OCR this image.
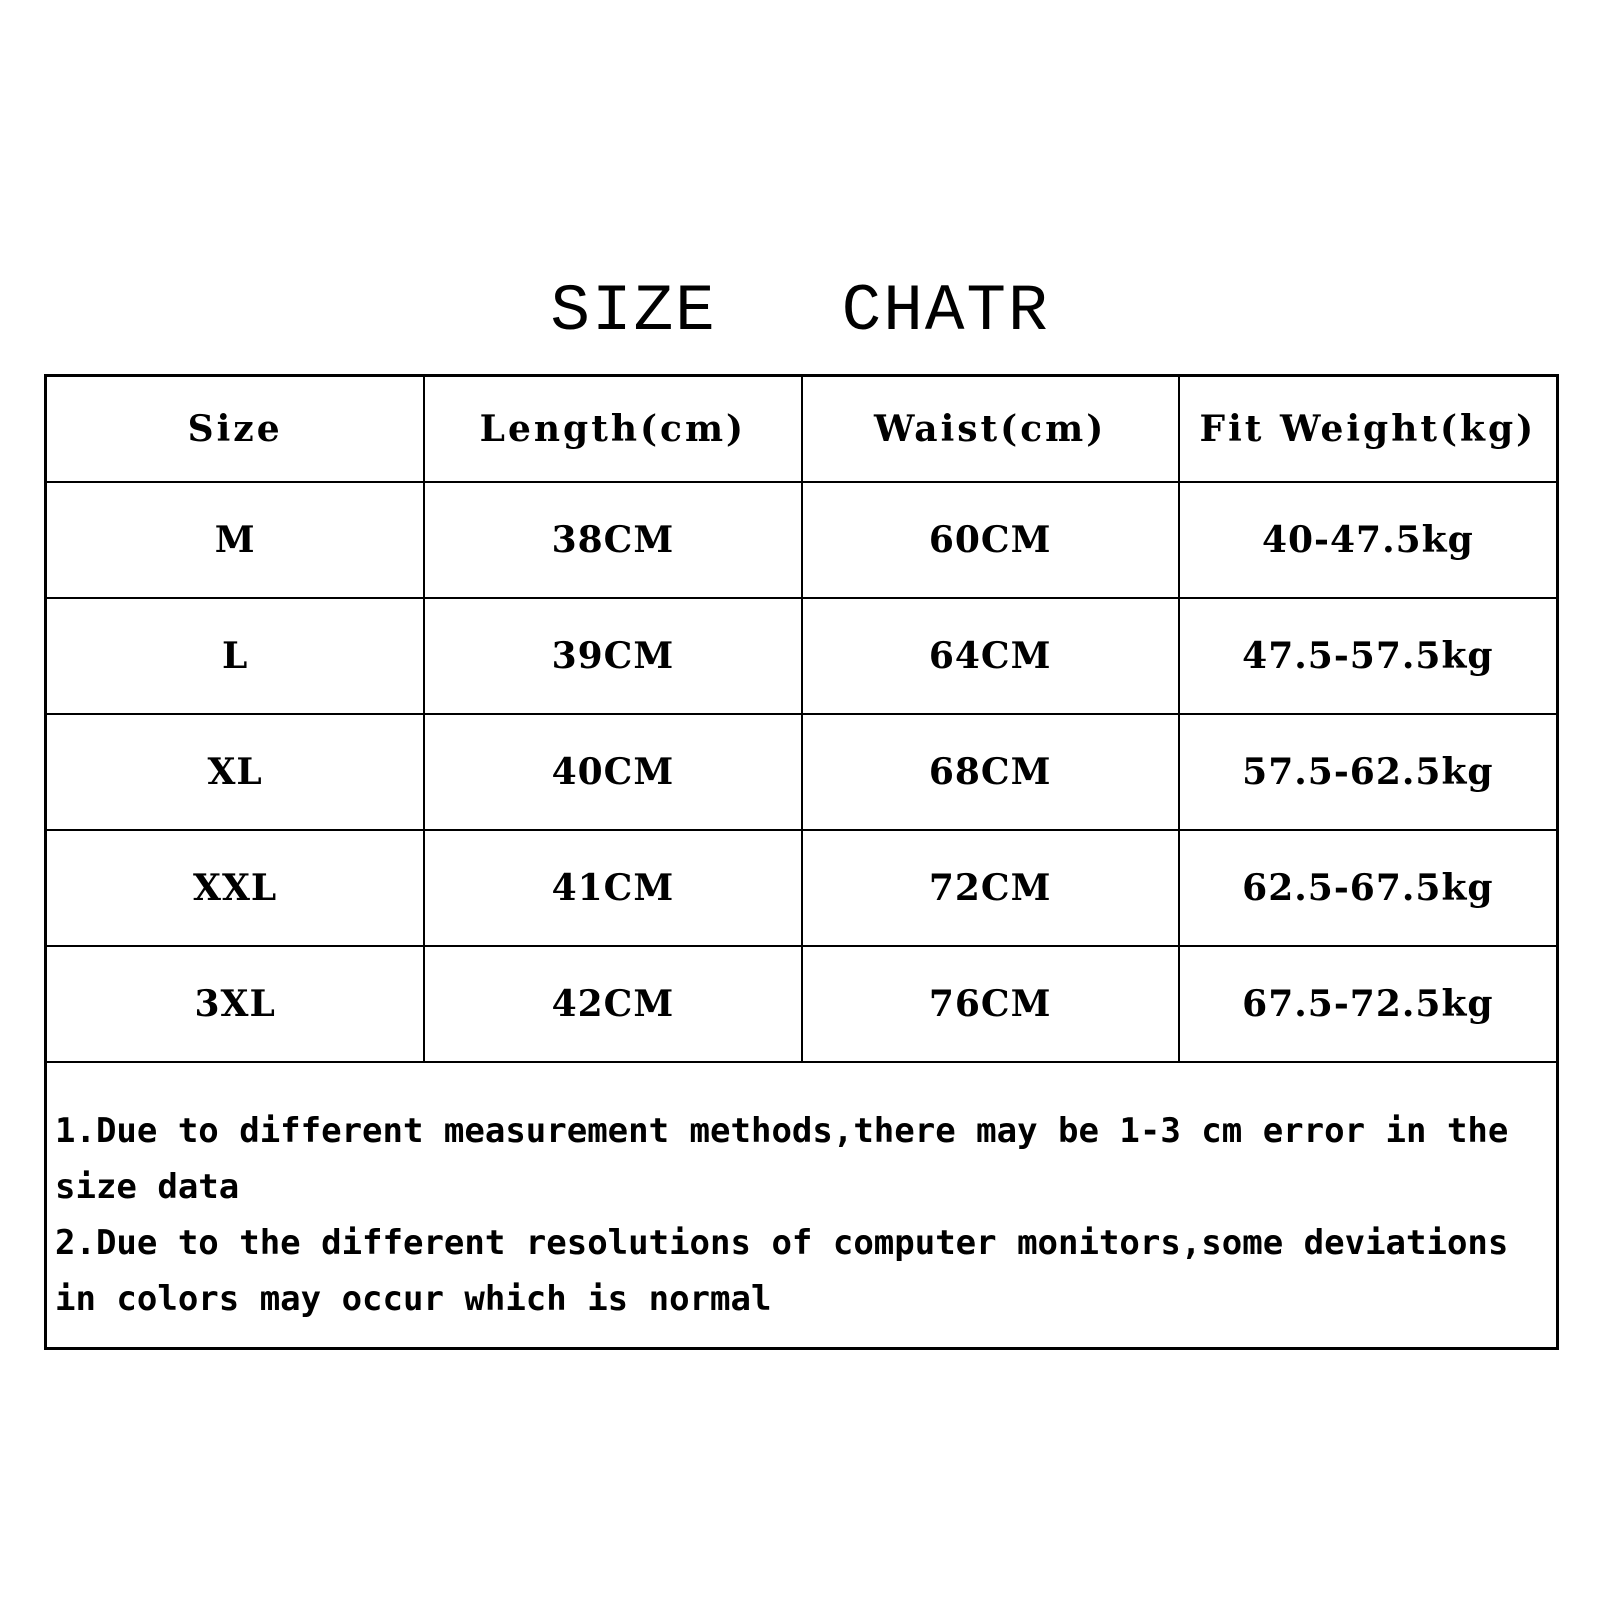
SIZE   CHATR
Size	Length(cm)	Waist(cm)	Fit Weight(kg)
M	38CM	60CM	40-47.5kg
L	39CM	64CM	47.5-57.5kg
XL	40CM	68CM	57.5-62.5kg
XXL	41CM	72CM	62.5-67.5kg
3XL	42CM	76CM	67.5-72.5kg

1.Due to different measurement methods,there may be 1-3 cm error in the size data

2.Due to the different resolutions of computer monitors,some deviations in colors may occur which is normal
